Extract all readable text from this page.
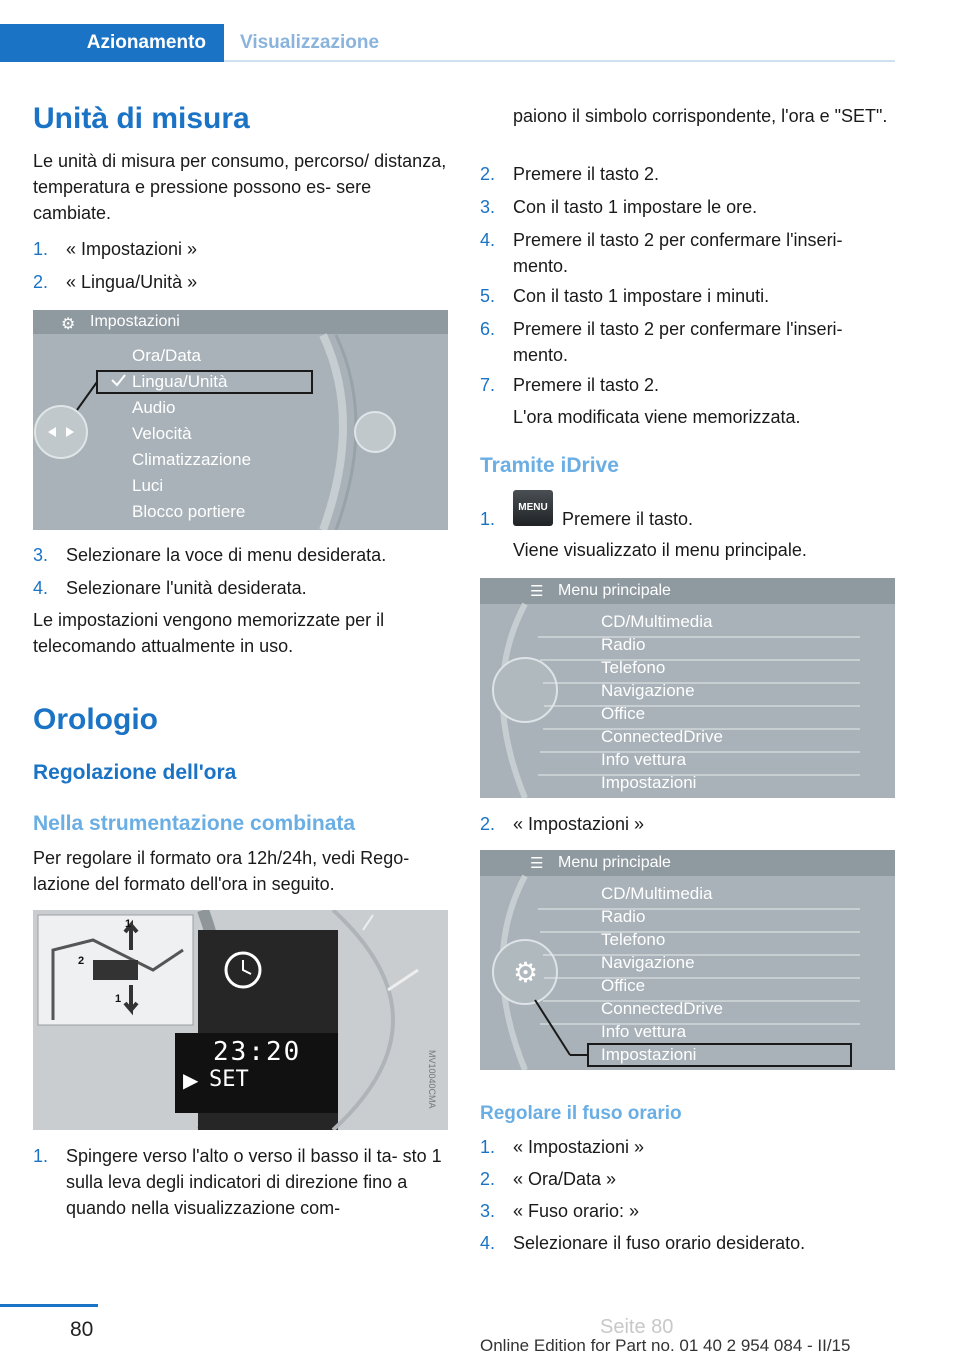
Azionamento	Visualizzazione
Unità di misura
Le unità di misura per consumo, percorso/ distanza, temperatura e pressione possono es- sere cambiate.
1. « Impostazioni »
2. « Lingua/Unità »
⚙ Impostazioni
Ora/Data
Lingua/Unità
Audio
Velocità
Climatizzazione
Luci
Blocco portiere
3. Selezionare la voce di menu desiderata.
4. Selezionare l'unità desiderata.
Le impostazioni vengono memorizzate per il telecomando attualmente in uso.
Orologio
Regolazione dell'ora
Nella strumentazione combinata
Per regolare il formato ora 12h/24h, vedi Rego- lazione del formato dell'ora in seguito.
1
2
1
23:20
▶ SET	MV10040CMA
1. Spingere verso l'alto o verso il basso il ta- sto 1 sulla leva degli indicatori di direzione fino a quando nella visualizzazione com-
paiono il simbolo corrispondente, l'ora e "SET".
2. Premere il tasto 2.
3. Con il tasto 1 impostare le ore.
4. Premere il tasto 2 per confermare l'inseri- mento.
5. Con il tasto 1 impostare i minuti.
6. Premere il tasto 2 per confermare l'inseri- mento.
7. Premere il tasto 2.
L'ora modificata viene memorizzata.
Tramite iDrive
1.
MENU
Premere il tasto.
Viene visualizzato il menu principale.
☰ Menu principale
CD/Multimedia
Radio
Telefono
Navigazione
Office
ConnectedDrive
Info vettura
Impostazioni
2. « Impostazioni »
☰ Menu principale
⚙
CD/Multimedia
Radio
Telefono
Navigazione
Office
ConnectedDrive
Info vettura
Impostazioni
Regolare il fuso orario
1. « Impostazioni »
2. « Ora/Data »
3. « Fuso orario: »
4. Selezionare il fuso orario desiderato.
80	Seite 80
Online Edition for Part no. 01 40 2 954 084 - II/15
